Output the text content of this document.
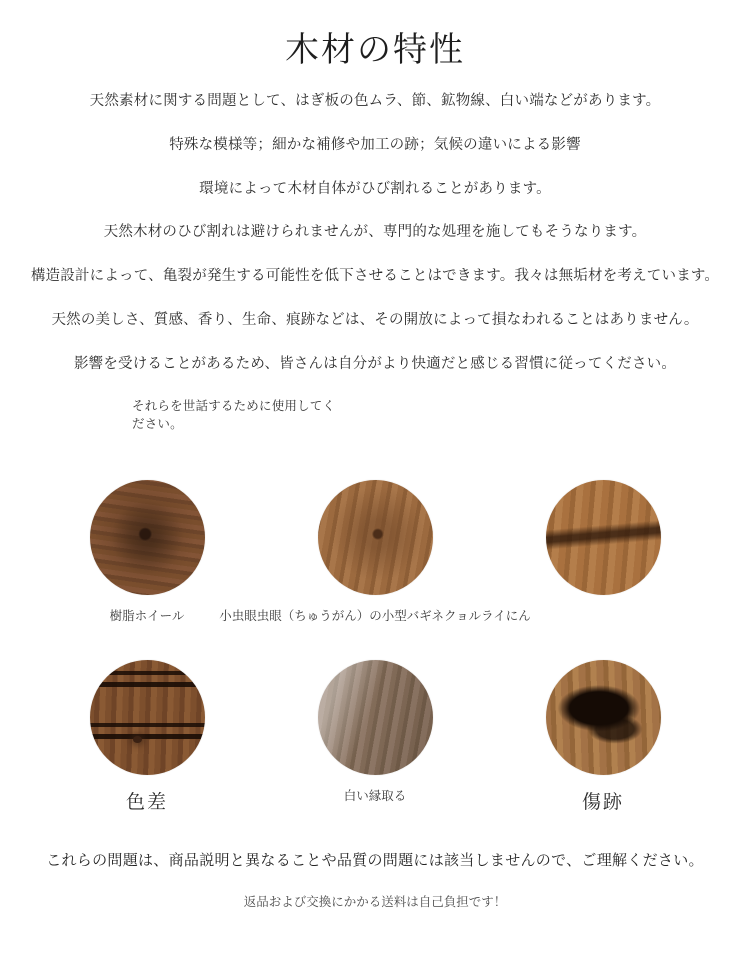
木材の特性

天然素材に関する問題として、はぎ板の色ムラ、節、鉱物線、白い端などがあります。

特殊な模様等；細かな補修や加工の跡；気候の違いによる影響

環境によって木材自体がひび割れることがあります。

天然木材のひび割れは避けられませんが、専門的な処理を施してもそうなります。

構造設計によって、亀裂が発生する可能性を低下させることはできます。我々は無垢材を考えています。

天然の美しさ、質感、香り、生命、痕跡などは、その開放によって損なわれることはありません。

影響を受けることがあるため、皆さんは自分がより快適だと感じる習慣に従ってください。

それらを世話するために使用してください。

樹脂ホイール	小虫眼虫眼（ちゅうがん）の小型バギネクョルライにん
色差	白い縁取る	傷跡
これらの問題は、商品説明と異なることや品質の問題には該当しませんので、ご理解ください。
返品および交換にかかる送料は自己負担です！
